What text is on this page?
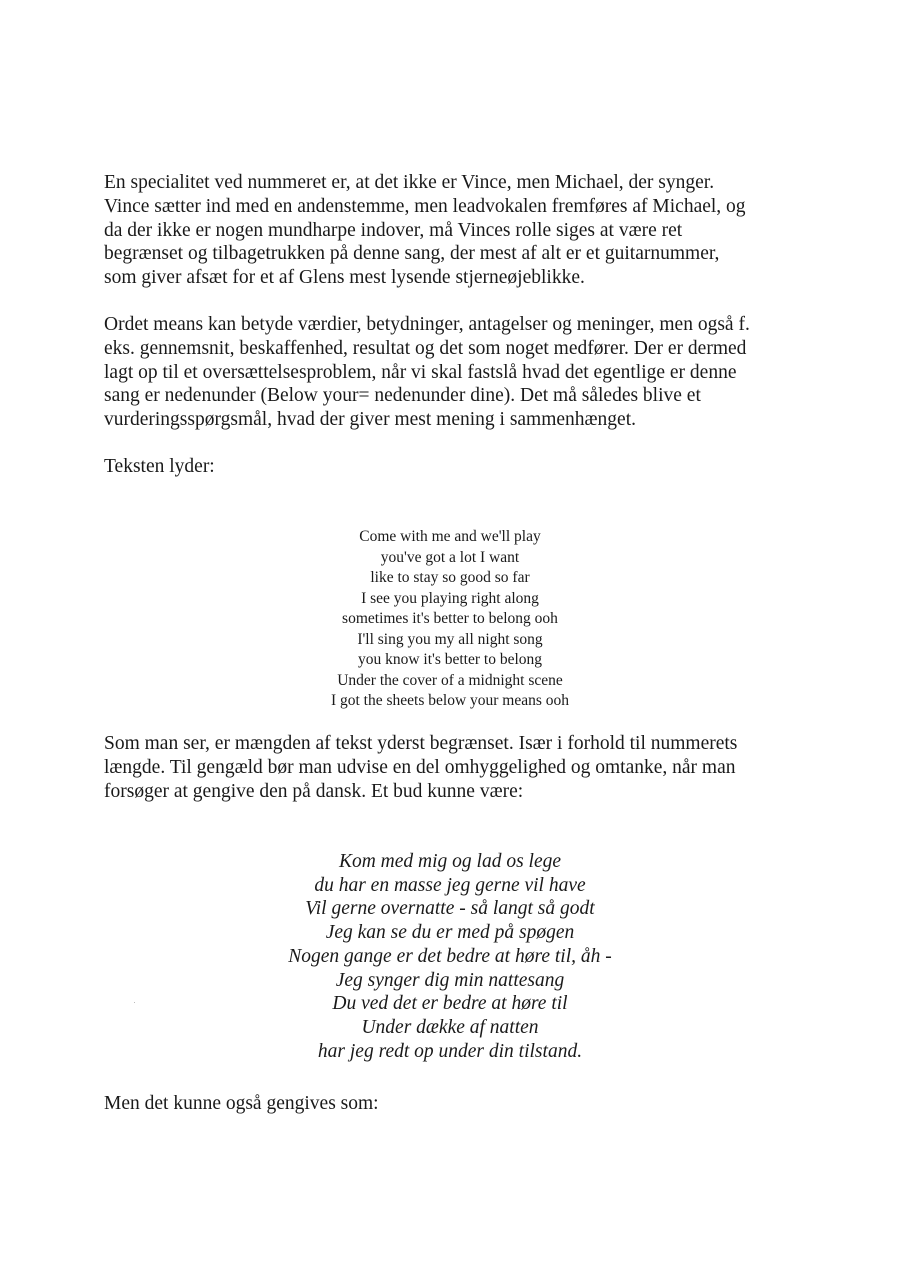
En specialitet ved nummeret er, at det ikke er Vince, men Michael, der synger.
Vince sætter ind med en andenstemme, men leadvokalen fremføres af Michael, og
da der ikke er nogen mundharpe indover, må Vinces rolle siges at være ret
begrænset og tilbagetrukken på denne sang, der mest af alt er et guitarnummer,
som giver afsæt for et af Glens mest lysende stjerneøjeblikke.

Ordet means kan betyde værdier, betydninger, antagelser og meninger, men også f.
eks. gennemsnit, beskaffenhed, resultat og det som noget medfører. Der er dermed
lagt op til et oversættelsesproblem, når vi skal fastslå hvad det egentlige er denne
sang er nedenunder (Below your= nedenunder dine). Det må således blive et
vurderingsspørgsmål, hvad der giver mest mening i sammenhænget.

Teksten lyder:

Come with me and we'll play
you've got a lot I want
like to stay so good so far
I see you playing right along
sometimes it's better to belong ooh
I'll sing you my all night song
you know it's better to belong
Under the cover of a midnight scene
I got the sheets below your means ooh

Som man ser, er mængden af tekst yderst begrænset. Især i forhold til nummerets
længde. Til gengæld bør man udvise en del omhyggelighed og omtanke, når man
forsøger at gengive den på dansk. Et bud kunne være:

Kom med mig og lad os lege
du har en masse jeg gerne vil have
Vil gerne overnatte - så langt så godt
Jeg kan se du er med på spøgen
Nogen gange er det bedre at høre til, åh -
Jeg synger dig min nattesang
Du ved det er bedre at høre til
Under dække af natten
har jeg redt op under din tilstand.

Men det kunne også gengives som:
